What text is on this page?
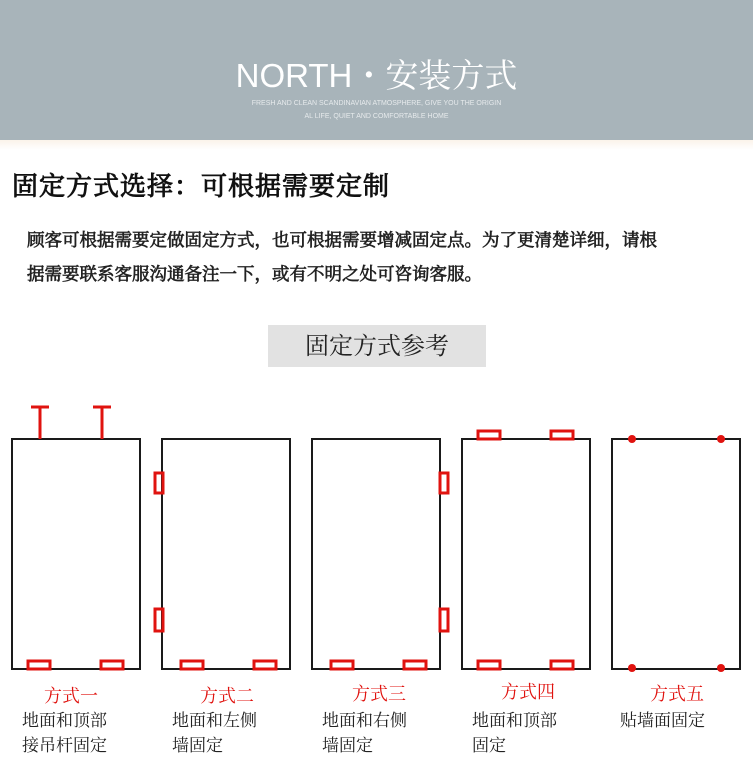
NORTH・安装方式
FRESH AND CLEAN SCANDINAVIAN ATMOSPHERE, GIVE YOU THE ORIGIN
AL LIFE, QUIET AND COMFORTABLE HOME
固定方式选择：可根据需要定制
顾客可根据需要定做固定方式，也可根据需要增减固定点。为了更清楚详细，请根据需要联系客服沟通备注一下，或有不明之处可咨询客服。
固定方式参考
方式一	方式二	方式三	方式四	方式五
地面和顶部
接吊杆固定
地面和左侧
墙固定
地面和右侧
墙固定
地面和顶部
固定
贴墙面固定
